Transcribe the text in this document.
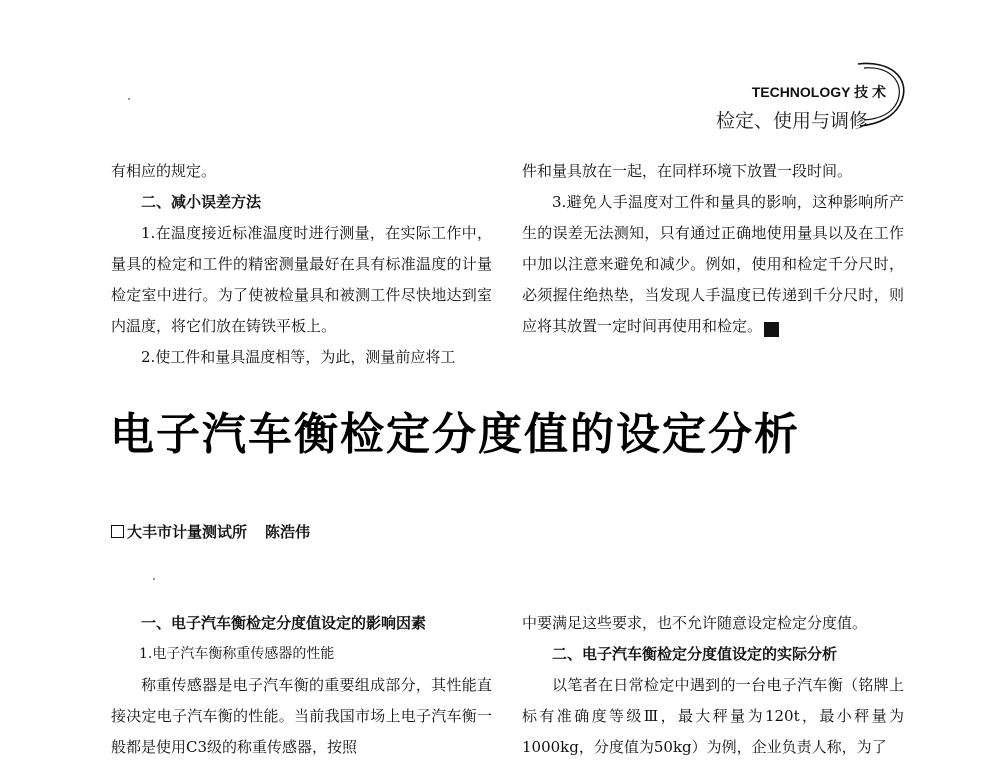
TECHNOLOGY 技 术
检定、使用与调修

有相应的规定。

二、减小误差方法

1.在温度接近标准温度时进行测量，在实际工作中，量具的检定和工件的精密测量最好在具有标准温度的计量检定室中进行。为了使被检量具和被测工件尽快地达到室内温度，将它们放在铸铁平板上。

2.使工件和量具温度相等，为此，测量前应将工

件和量具放在一起，在同样环境下放置一段时间。

3.避免人手温度对工件和量具的影响，这种影响所产生的误差无法测知，只有通过正确地使用量具以及在工作中加以注意来避免和减少。例如，使用和检定千分尺时，必须握住绝热垫，当发现人手温度已传递到千分尺时，则应将其放置一定时间再使用和检定。	计

电子汽车衡检定分度值的设定分析
大丰市计量测试所 陈浩伟

一、电子汽车衡检定分度值设定的影响因素

1.电子汽车衡称重传感器的性能

称重传感器是电子汽车衡的重要组成部分，其性能直接决定电子汽车衡的性能。当前我国市场上电子汽车衡一般都是使用C3级的称重传感器，按照

中要满足这些要求，也不允许随意设定检定分度值。

二、电子汽车衡检定分度值设定的实际分析

以笔者在日常检定中遇到的一台电子汽车衡（铭牌上标有准确度等级Ⅲ，最大秤量为120t，最小秤量为1000kg，分度值为50kg）为例，企业负责人称，为了
